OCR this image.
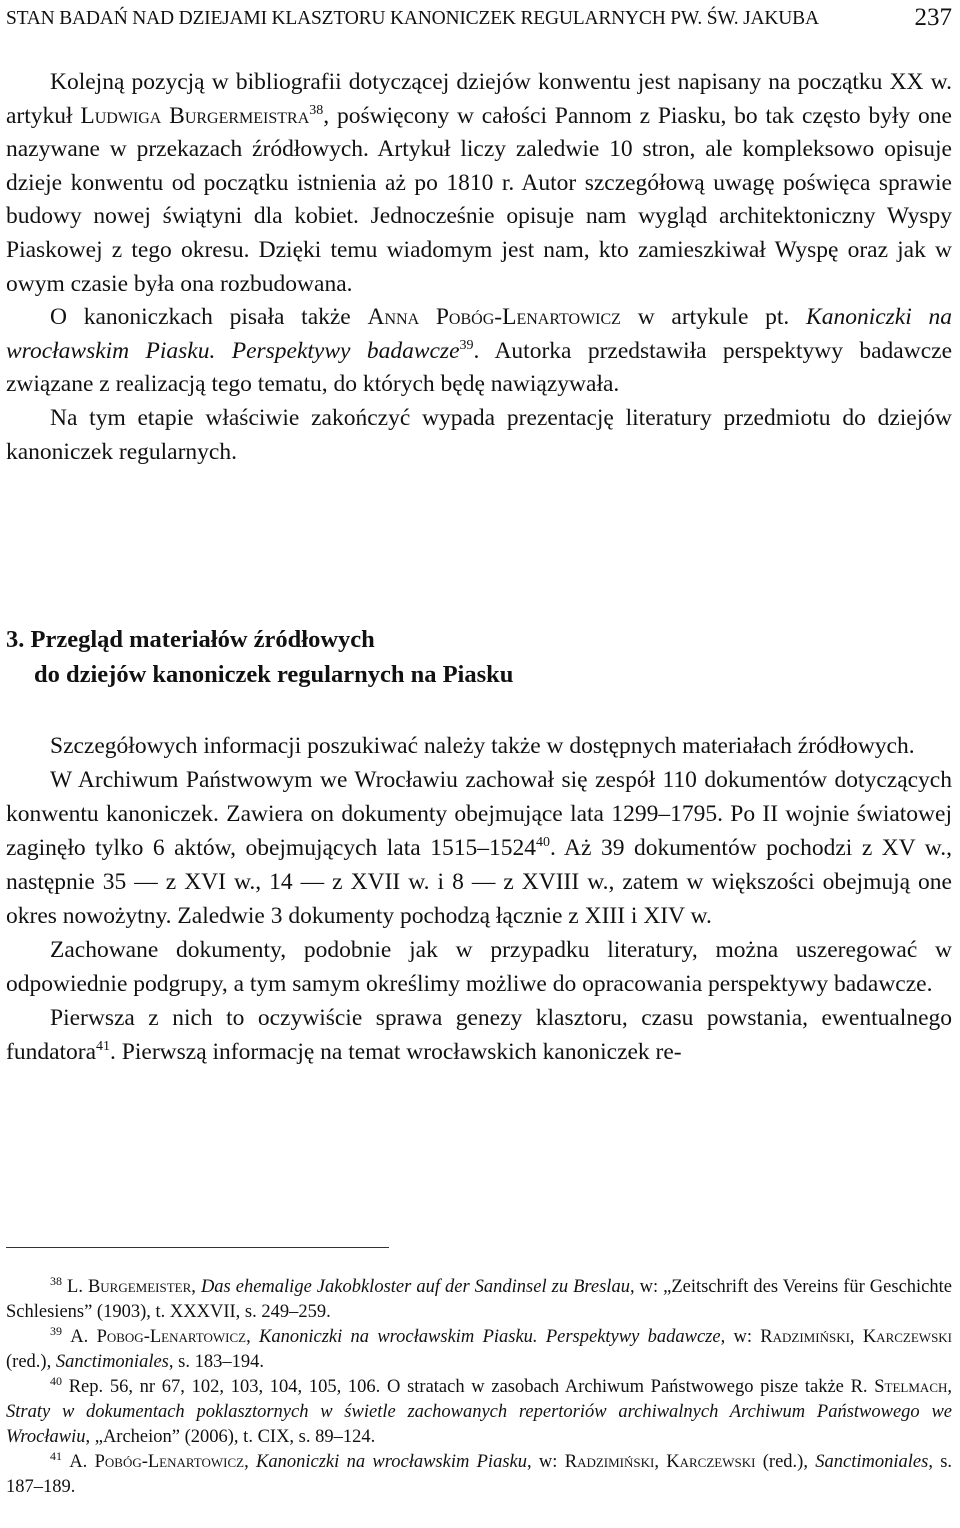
STAN BADAŃ NAD DZIEJAMI KLASZTORU KANONICZEK REGULARNYCH PW. ŚW. JAKUBA	237

Kolejną pozycją w bibliografii dotyczącej dziejów konwentu jest napisany na początku XX w. artykuł Ludwiga Burgermeistra$^{38}$, poświęcony w całości Pannom z Piasku, bo tak często były one nazywane w przekazach źródłowych. Artykuł liczy zaledwie 10 stron, ale kompleksowo opisuje dzieje konwentu od początku istnienia aż po 1810 r. Autor szczegółową uwagę poświęca sprawie budowy nowej świątyni dla kobiet. Jednocześnie opisuje nam wygląd architektoniczny Wyspy Piaskowej z tego okresu. Dzięki temu wiadomym jest nam, kto zamieszkiwał Wyspę oraz jak w owym czasie była ona rozbudowana.

O kanoniczkach pisała także Anna Pobóg-Lenartowicz w artykule pt. Kanoniczki na wrocławskim Piasku. Perspektywy badawcze$^{39}$. Autorka przedstawiła perspektywy badawcze związane z realizacją tego tematu, do których będę nawiązywała.

Na tym etapie właściwie zakończyć wypada prezentację literatury przedmiotu do dziejów kanoniczek regularnych.

3. Przegląd materiałów źródłowych
do dziejów kanoniczek regularnych na Piasku

Szczegółowych informacji poszukiwać należy także w dostępnych materiałach źródłowych.

W Archiwum Państwowym we Wrocławiu zachował się zespół 110 dokumentów dotyczących konwentu kanoniczek. Zawiera on dokumenty obejmujące lata 1299–1795. Po II wojnie światowej zaginęło tylko 6 aktów, obejmujących lata 1515–1524$^{40}$. Aż 39 dokumentów pochodzi z XV w., następnie 35 — z XVI w., 14 — z XVII w. i 8 — z XVIII w., zatem w większości obejmują one okres nowożytny. Zaledwie 3 dokumenty pochodzą łącznie z XIII i XIV w.

Zachowane dokumenty, podobnie jak w przypadku literatury, można uszeregować w odpowiednie podgrupy, a tym samym określimy możliwe do opracowania perspektywy badawcze.

Pierwsza z nich to oczywiście sprawa genezy klasztoru, czasu powstania, ewentualnego fundatora$^{41}$. Pierwszą informację na temat wrocławskich kanoniczek re-

$^{38}$ L. Burgemeister, Das ehemalige Jakobkloster auf der Sandinsel zu Breslau, w: „Zeitschrift des Vereins für Geschichte Schlesiens” (1903), t. XXXVII, s. 249–259.

$^{39}$ A. Pobog-Lenartowicz, Kanoniczki na wrocławskim Piasku. Perspektywy badawcze, w: Radzimiński, Karczewski (red.), Sanctimoniales, s. 183–194.

$^{40}$ Rep. 56, nr 67, 102, 103, 104, 105, 106. O stratach w zasobach Archiwum Państwowego pisze także R. Stelmach, Straty w dokumentach poklasztornych w świetle zachowanych repertoriów archiwalnych Archiwum Państwowego we Wrocławiu, „Archeion” (2006), t. CIX, s. 89–124.

$^{41}$ A. Pobóg-Lenartowicz, Kanoniczki na wrocławskim Piasku, w: Radzimiński, Karczewski (red.), Sanctimoniales, s. 187–189.
